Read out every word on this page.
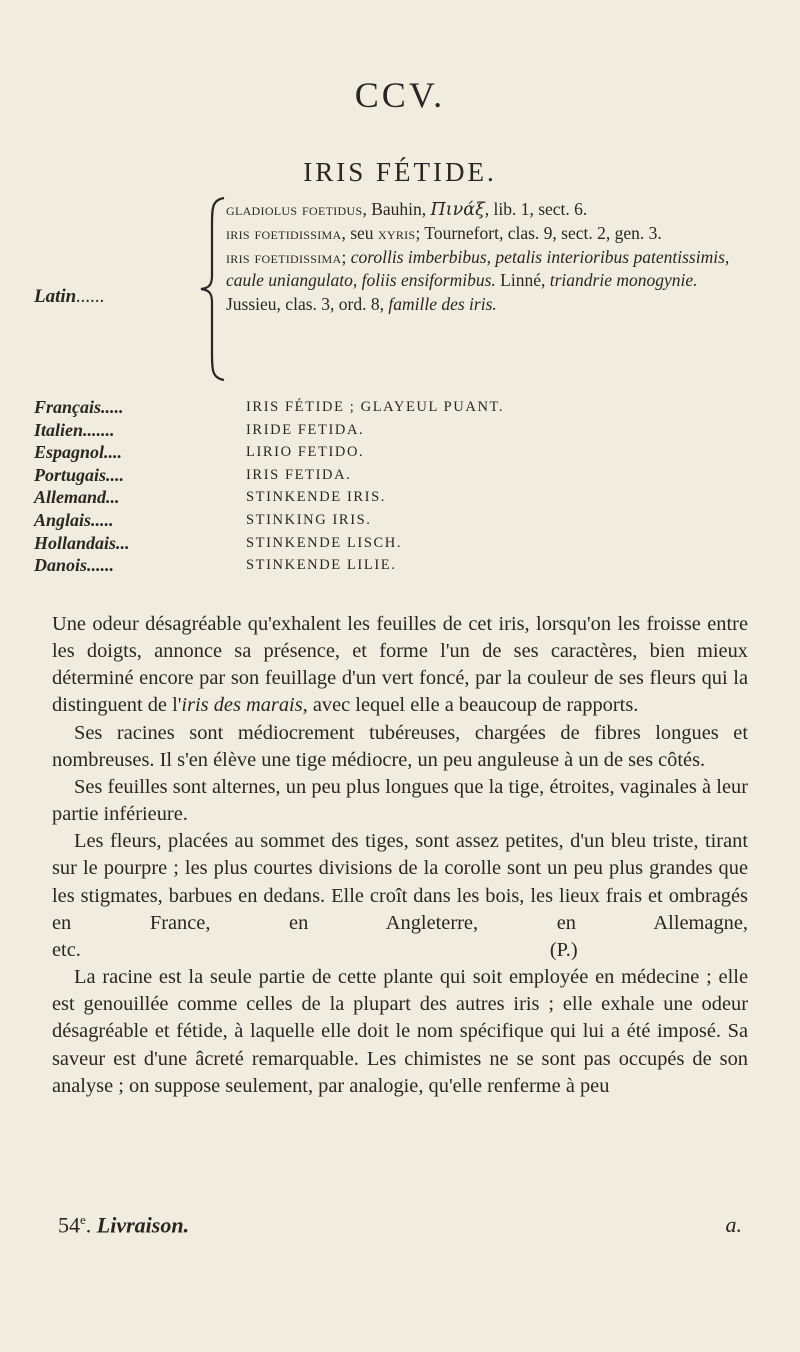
CCV.
IRIS FÉTIDE.
Latin......

gladiolus foetidus, Bauhin, Πινάξ, lib. 1, sect. 6.

iris foetidissima, seu xyris; Tournefort, clas. 9, sect. 2, gen. 3.

iris foetidissima; corollis imberbibus, petalis interioribus patentissimis, caule uniangulato, foliis ensiformibus. Linné, triandrie monogynie. Jussieu, clas. 3, ord. 8, famille des iris.

Français.....	IRIS FÉTIDE ; GLAYEUL PUANT.
Italien.......	IRIDE FETIDA.
Espagnol....	LIRIO FETIDO.
Portugais....	IRIS FETIDA.
Allemand...	STINKENDE IRIS.
Anglais.....	STINKING IRIS.
Hollandais...	STINKENDE LISCH.
Danois......	STINKENDE LILIE.

Une odeur désagréable qu'exhalent les feuilles de cet iris, lorsqu'on les froisse entre les doigts, annonce sa présence, et forme l'un de ses caractères, bien mieux déterminé encore par son feuillage d'un vert foncé, par la couleur de ses fleurs qui la distinguent de l'iris des marais, avec lequel elle a beaucoup de rapports.

Ses racines sont médiocrement tubéreuses, chargées de fibres longues et nombreuses. Il s'en élève une tige médiocre, un peu anguleuse à un de ses côtés.

Ses feuilles sont alternes, un peu plus longues que la tige, étroites, vaginales à leur partie inférieure.

Les fleurs, placées au sommet des tiges, sont assez petites, d'un bleu triste, tirant sur le pourpre ; les plus courtes divisions de la corolle sont un peu plus grandes que les stigmates, barbues en dedans. Elle croît dans les bois, les lieux frais et ombragés en France, en Angleterre, en Allemagne, etc.                       	(P.)

La racine est la seule partie de cette plante qui soit employée en médecine ; elle est genouillée comme celles de la plupart des autres iris ; elle exhale une odeur désagréable et fétide, à laquelle elle doit le nom spécifique qui lui a été imposé. Sa saveur est d'une âcreté remarquable. Les chimistes ne se sont pas occupés de son analyse ; on suppose seulement, par analogie, qu'elle renferme à peu

54e. Livraison.	a.
